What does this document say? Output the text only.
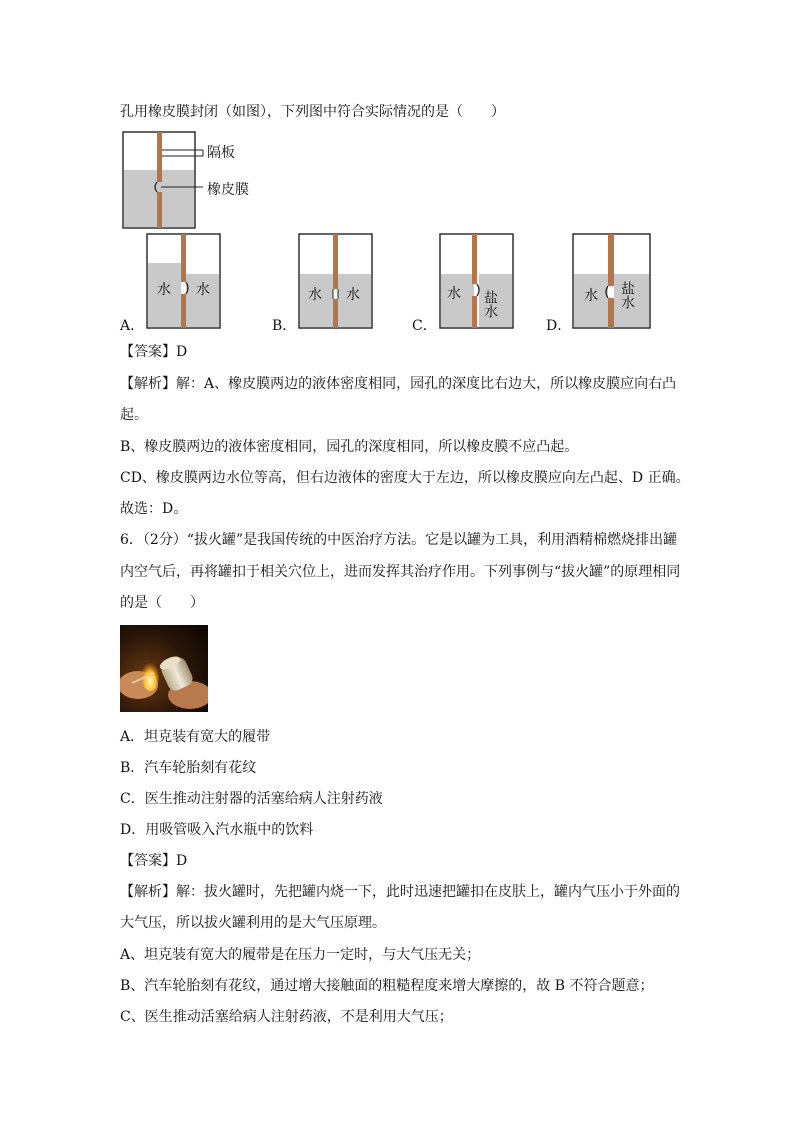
孔用橡皮膜封闭（如图），下列图中符合实际情况的是（　　）
隔板
橡皮膜
A．
水 水
B．
水 水
C．
水 盐水
D．
水 盐水
【答案】D
【解析】解：A、橡皮膜两边的液体密度相同，园孔的深度比右边大，所以橡皮膜应向右凸
起。
B、橡皮膜两边的液体密度相同，园孔的深度相同，所以橡皮膜不应凸起。
CD、橡皮膜两边水位等高，但右边液体的密度大于左边，所以橡皮膜应向左凸起、D 正确。
故选：D。
6．（2分）“拔火罐”是我国传统的中医治疗方法。它是以罐为工具，利用酒精棉燃烧排出罐
内空气后，再将罐扣于相关穴位上，进而发挥其治疗作用。下列事例与“拔火罐”的原理相同
的是（　　）
A．坦克装有宽大的履带
B．汽车轮胎刻有花纹
C．医生推动注射器的活塞给病人注射药液
D．用吸管吸入汽水瓶中的饮料
【答案】D
【解析】解：拔火罐时，先把罐内烧一下，此时迅速把罐扣在皮肤上，罐内气压小于外面的
大气压，所以拔火罐利用的是大气压原理。
A、坦克装有宽大的履带是在压力一定时，与大气压无关；
B、汽车轮胎刻有花纹，通过增大接触面的粗糙程度来增大摩擦的，故 B 不符合题意；
C、医生推动活塞给病人注射药液，不是利用大气压；
